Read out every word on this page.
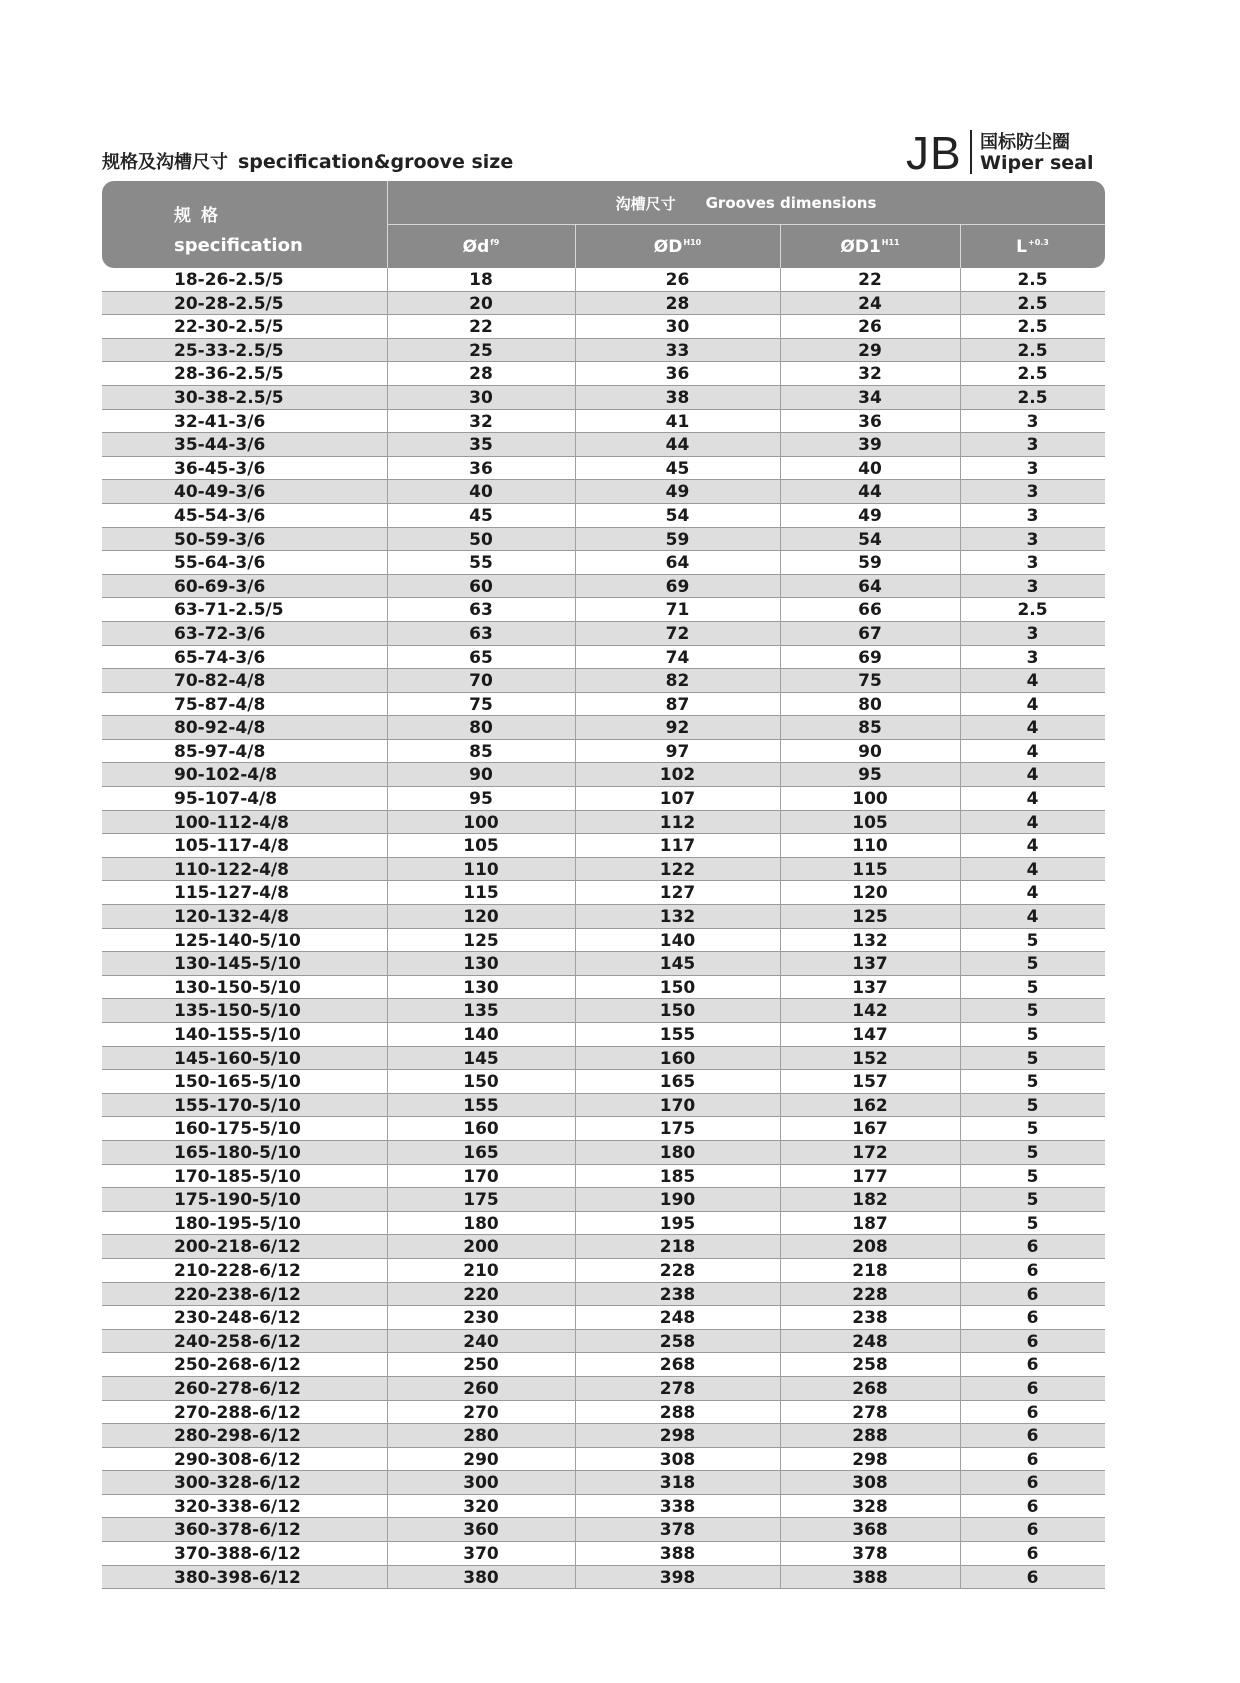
规格及沟槽尺寸 specification&groove size	JB 国标防尘圈
Wiper seal
规格
specification
沟槽尺寸 Grooves dimensions
$Ød^{f9}$	$ØD^{H10}$	$ØD1^{H11}$	$L^{+0.3}$
18-26-2.5/5	18	26	22	2.5
20-28-2.5/5	20	28	24	2.5
22-30-2.5/5	22	30	26	2.5
25-33-2.5/5	25	33	29	2.5
28-36-2.5/5	28	36	32	2.5
30-38-2.5/5	30	38	34	2.5
32-41-3/6	32	41	36	3
35-44-3/6	35	44	39	3
36-45-3/6	36	45	40	3
40-49-3/6	40	49	44	3
45-54-3/6	45	54	49	3
50-59-3/6	50	59	54	3
55-64-3/6	55	64	59	3
60-69-3/6	60	69	64	3
63-71-2.5/5	63	71	66	2.5
63-72-3/6	63	72	67	3
65-74-3/6	65	74	69	3
70-82-4/8	70	82	75	4
75-87-4/8	75	87	80	4
80-92-4/8	80	92	85	4
85-97-4/8	85	97	90	4
90-102-4/8	90	102	95	4
95-107-4/8	95	107	100	4
100-112-4/8	100	112	105	4
105-117-4/8	105	117	110	4
110-122-4/8	110	122	115	4
115-127-4/8	115	127	120	4
120-132-4/8	120	132	125	4
125-140-5/10	125	140	132	5
130-145-5/10	130	145	137	5
130-150-5/10	130	150	137	5
135-150-5/10	135	150	142	5
140-155-5/10	140	155	147	5
145-160-5/10	145	160	152	5
150-165-5/10	150	165	157	5
155-170-5/10	155	170	162	5
160-175-5/10	160	175	167	5
165-180-5/10	165	180	172	5
170-185-5/10	170	185	177	5
175-190-5/10	175	190	182	5
180-195-5/10	180	195	187	5
200-218-6/12	200	218	208	6
210-228-6/12	210	228	218	6
220-238-6/12	220	238	228	6
230-248-6/12	230	248	238	6
240-258-6/12	240	258	248	6
250-268-6/12	250	268	258	6
260-278-6/12	260	278	268	6
270-288-6/12	270	288	278	6
280-298-6/12	280	298	288	6
290-308-6/12	290	308	298	6
300-328-6/12	300	318	308	6
320-338-6/12	320	338	328	6
360-378-6/12	360	378	368	6
370-388-6/12	370	388	378	6
380-398-6/12	380	398	388	6
